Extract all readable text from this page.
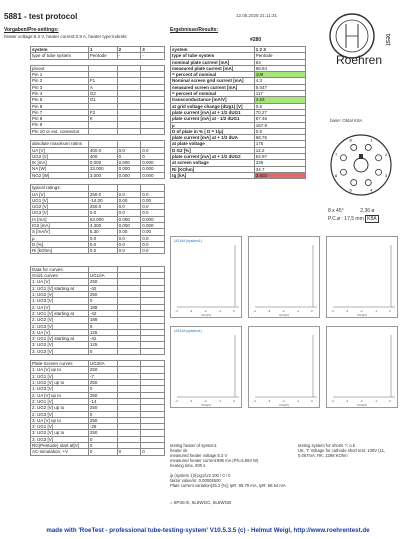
5881 - test protocol	12.05.2025 21:11:31
Vorgaben/Pre-settings:	Ergebnisse/Results:
heater voltage:6.3 V, heater current:0.9 A, heater type:indirekt
#280
Roehren
test
system	1	2	3
type of tube system	Pentode	-	-

pinout			
Pin 1			
Pin 2	F1		
Pin 3	A		
Pin 4	G2		
Pin 5	G1		
Pin 6			
Pin 7	F2		
Pin 8	K		
Pin 9			
Pin 10 or ext. connector			

absolute maximum ratins			
UA [V]	400.0	0.0	0.0
UG2 [V]	400	0	0
IK [mA]	0.000	0.000	0.000
NA [W]	23.000	0.000	0.000
NG2 [W]	3.000	0.000	0.000

typical ratings:			
UA [V]	250.0	0.0	0.0
UG1 [V]	-14.00	0.00	0.00
UG2 [V]	250.0	0.0	0.0
UG3 [V]	0.0	0.0	0.0
IA [mA]	63.000	0.000	0.000
IG2 [mA]	4.300	0.000	0.000
S [mA/V]	5.30	0.00	0.00
µ	0.0	0.0	0.0
D [%]	0.0	0.0	0.0
Ri [kOhm]	0.0	0.0	0.0

Data for curves:			
Grid1 curves:	UG1/IA		
1: UA [V]	250		
1: UG1 [V] starting at	-42		
1: UG2 [V]	250		
1: UG3 [V]	0		
2: UA [V]	188		
2: UG1 [V] starting at	-42		
2: UG2 [V]	188		
2: UG3 [V]	0		
3: UA [V]	125		
3: UG1 [V] starting at	-42		
3: UG2 [V]	125		
3: UG3 [V]	0		

Plate-Screen curves	UG2/IA		
1: UA [V] up to	250		
1: UG1 [V]	-7		
1: UG2 [V] up to	250		
1: UG3 [V]	0		
2: UA [V] up to	250		
2: UG1 [V]	-14		
2: UG2 [V] up to	250		
2: UG3 [V]	0		
3: UA [V] up to	250		
3: UG1 [V]	-28		
3: UG2 [V] up to	250		
3: UG3 [V]	0		
RG(Pentode) start at[V]	0		
AC-simulation, +V	0	0	0
system	1 2 3
type of tube system	Pentode
nominal plate current [mA]	63
measured plate current [mA]	68.84
= percent of nominal	109
Nominal screen grid current [mA]	4.3
measured screen current [mA]	5.047
= percent of nominal	117
transconductance [mA/V]	4.63
at grid voltage change (dUg1) [V]	0.6
plate current [mA] at + 1/2 dUG1	70.27
plate current [mA] at - 1/2 dUG1	67.46
µ	157.9
D of plate in % ( D = 1/µ)	0.6
plate current [mA] at + 1/2 dUA	68.76
at plate voltage	175
D G2 [%]	12.2
plate current [mA] at + 1/2 dUG2	54.97
at screen voltage	225
Ri [KOhm]	34.7
tg [kA]	3.503
base: Oktal K8A
1
2
3
4
5
6
7
8
8 x 45°	2,36 ø
P.C.ø : 17,5 mm K8A
UG1/IA (system1)
-4	-3	-2	-1	0
UG1[V]
-4	-3	-2	-1	0
UG1[V]
-4	-3	-2	-1	0
UG1[V]
UG2/IA (system1)
-4	-3	-2	-1	0
UG2[V]
-4	-3	-2	-1	0
UG2[V]
-4	-3	-2	-1	0
UG2[V]
testing heater of system1
heater ok
measured heater voltage:6.3 V
measured heater current:895 mA (Ph=5.594 W)
heating time, 800 s

ip (system 1)/(Ug1/U3 100 / 0 / 0
faktor value/m: 0.00004500
Plate current variation(25.2 [%]; IpR: 85.79 mA, IpR: 68.54 mA
testing system for shorts ?: o.k.
UK, T: Voltage for cathode short test: 100V (11,
0.067mA; RK: 1298 KOhm
= 6P3S-E, 6L6WGC, 6L6WGB
made with 'RoeTest - professional tube-testing-system' V10.5.3.5 (c) - Helmut Weigl, http://www.roehrentest.de
